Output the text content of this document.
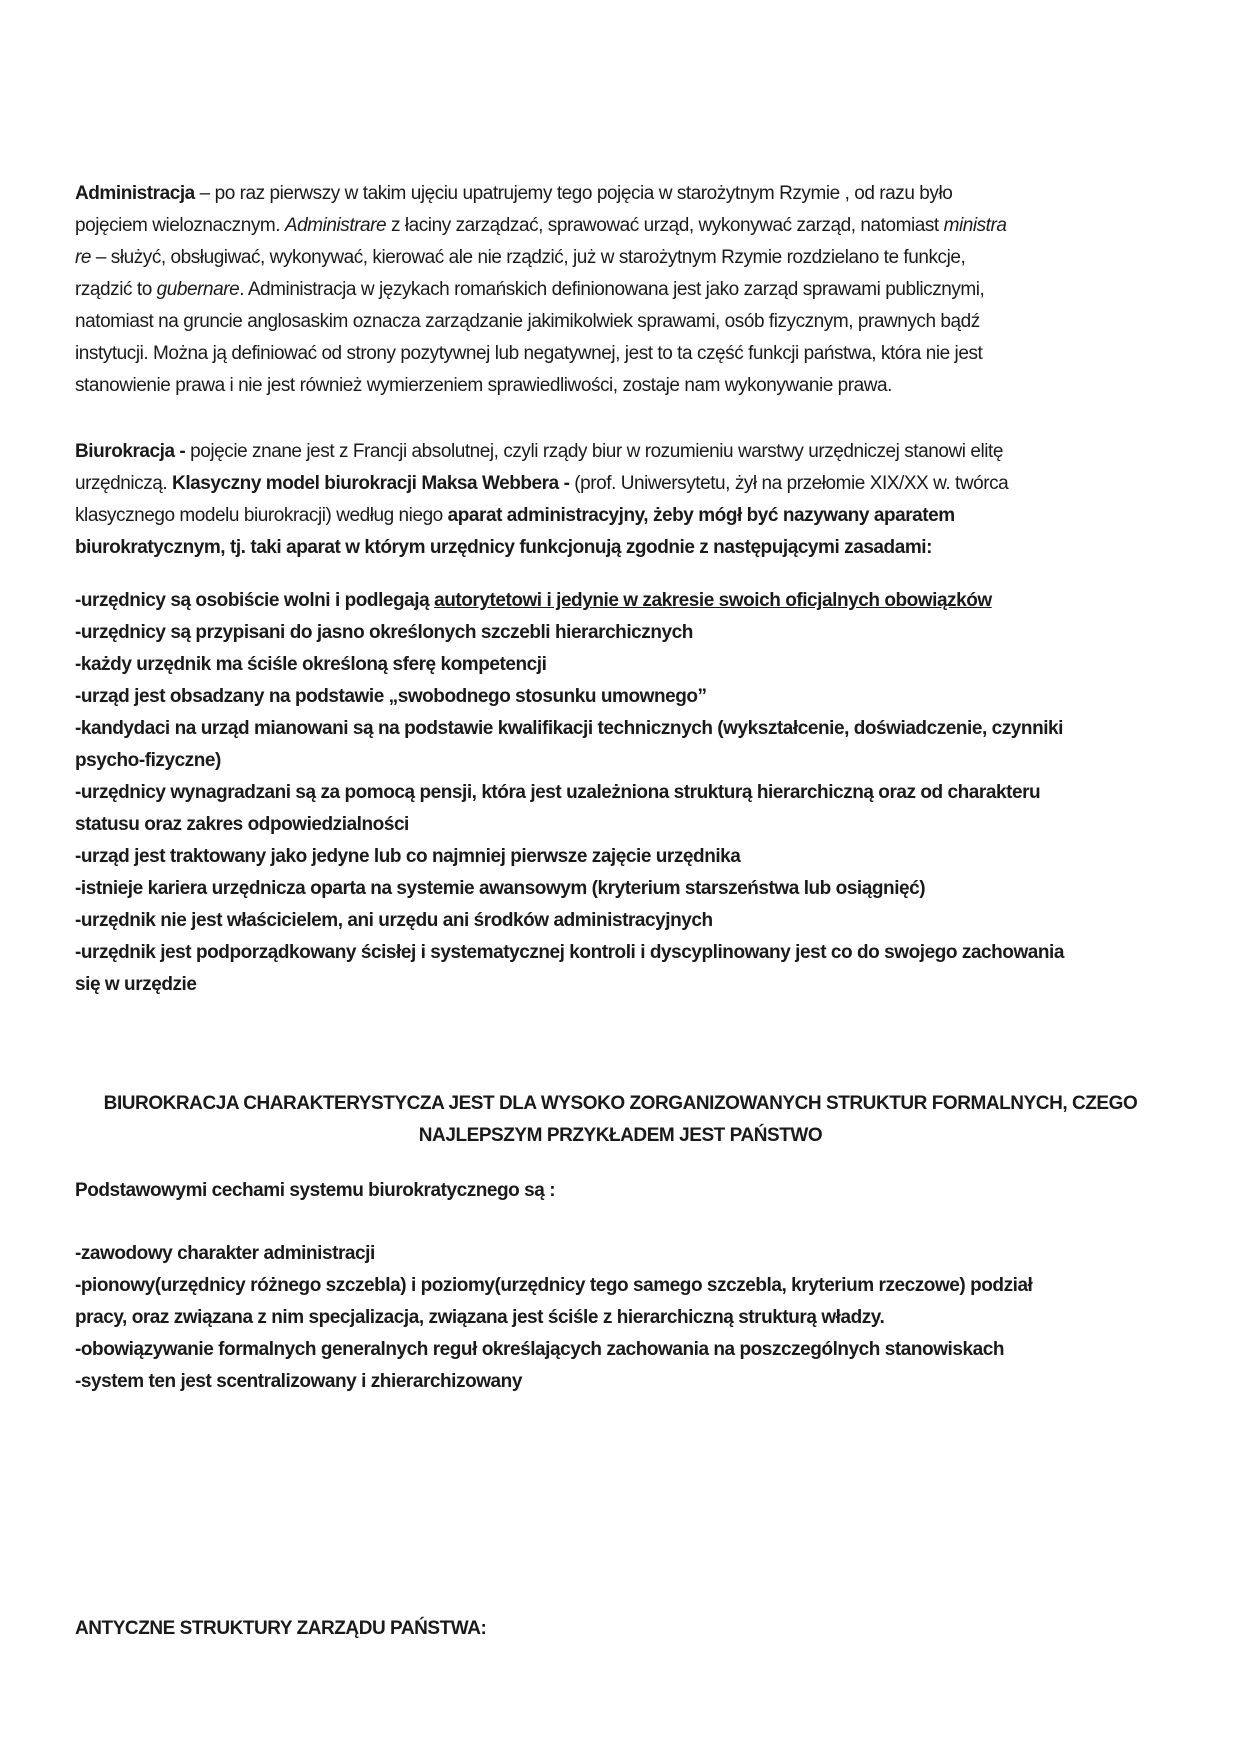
Administracja – po raz pierwszy w takim ujęciu upatrujemy tego pojęcia w starożytnym Rzymie , od razu było
pojęciem wieloznacznym. Administrare z łaciny zarządzać, sprawować urząd, wykonywać zarząd, natomiast ministra
re – służyć, obsługiwać, wykonywać, kierować ale nie rządzić, już w starożytnym Rzymie rozdzielano te funkcje,
rządzić to gubernare. Administracja w językach romańskich definionowana jest jako zarząd sprawami publicznymi,
natomiast na gruncie anglosaskim oznacza zarządzanie jakimikolwiek sprawami, osób fizycznym, prawnych bądź
instytucji. Można ją definiować od strony pozytywnej lub negatywnej, jest to ta część funkcji państwa, która nie jest
stanowienie prawa i nie jest również wymierzeniem sprawiedliwości, zostaje nam wykonywanie prawa.
Biurokracja - pojęcie znane jest z Francji absolutnej, czyli rządy biur w rozumieniu warstwy urzędniczej stanowi elitę
urzędniczą. Klasyczny model biurokracji Maksa Webbera - (prof. Uniwersytetu, żył na przełomie XIX/XX w. twórca
klasycznego modelu biurokracji) według niego aparat administracyjny, żeby mógł być nazywany aparatem
biurokratycznym, tj. taki aparat w którym urzędnicy funkcjonują zgodnie z następującymi zasadami:
-urzędnicy są osobiście wolni i podlegają autorytetowi i jedynie w zakresie swoich oficjalnych obowiązków
-urzędnicy są przypisani do jasno określonych szczebli hierarchicznych
-każdy urzędnik ma ściśle określoną sferę kompetencji
-urząd jest obsadzany na podstawie „swobodnego stosunku umownego”
-kandydaci na urząd mianowani są na podstawie kwalifikacji technicznych (wykształcenie, doświadczenie, czynniki
psycho-fizyczne)
-urzędnicy wynagradzani są za pomocą pensji, która jest uzależniona strukturą hierarchiczną oraz od charakteru
statusu oraz zakres odpowiedzialności
-urząd jest traktowany jako jedyne lub co najmniej pierwsze zajęcie urzędnika
-istnieje kariera urzędnicza oparta na systemie awansowym (kryterium starszeństwa lub osiągnięć)
-urzędnik nie jest właścicielem, ani urzędu ani środków administracyjnych
-urzędnik jest podporządkowany ścisłej i systematycznej kontroli i dyscyplinowany jest co do swojego zachowania
się w urzędzie
BIUROKRACJA CHARAKTERYSTYCZA JEST DLA WYSOKO ZORGANIZOWANYCH STRUKTUR FORMALNYCH, CZEGO
NAJLEPSZYM PRZYKŁADEM JEST PAŃSTWO
Podstawowymi cechami systemu biurokratycznego są :
-zawodowy charakter administracji
-pionowy(urzędnicy różnego szczebla) i poziomy(urzędnicy tego samego szczebla, kryterium rzeczowe) podział
pracy, oraz związana z nim specjalizacja, związana jest ściśle z hierarchiczną strukturą władzy.
-obowiązywanie formalnych generalnych reguł określających zachowania na poszczególnych stanowiskach
-system ten jest scentralizowany i zhierarchizowany
ANTYCZNE STRUKTURY ZARZĄDU PAŃSTWA:
